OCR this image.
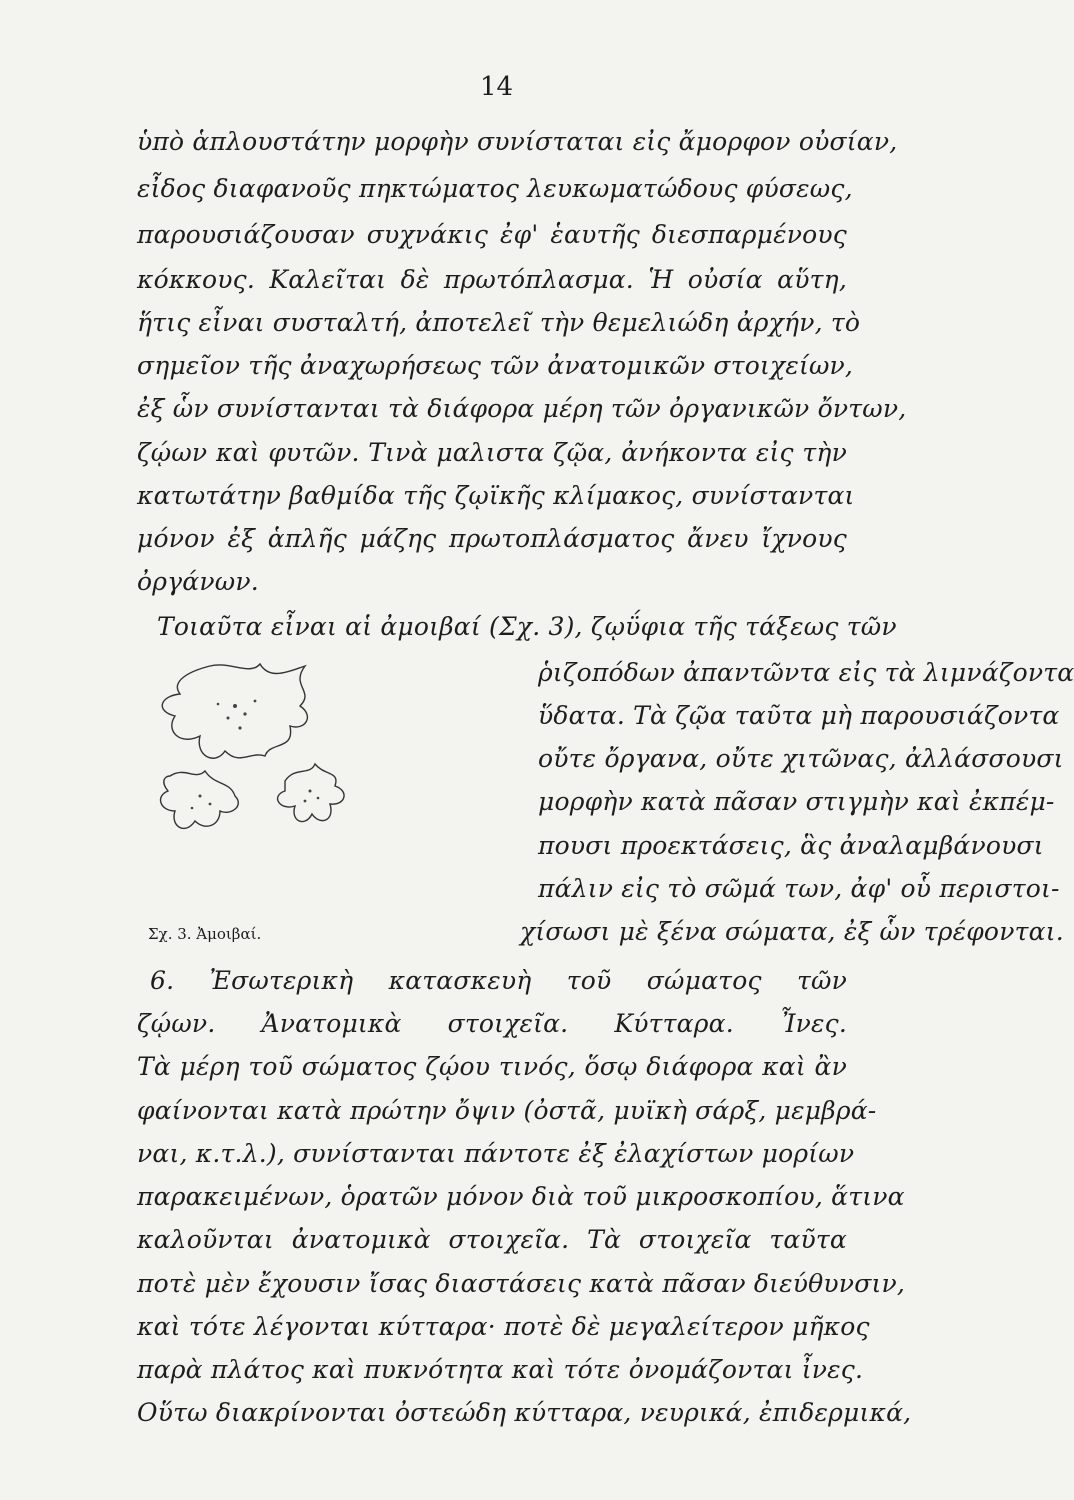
14
ὑπὸ ἁπλουστάτην μορφὴν συνίσταται εἰς ἄμορφον οὐσίαν,
εἶδος διαφανοῦς πηκτώματος λευκωματώδους φύσεως,
παρουσιάζουσαν συχνάκις ἐφ' ἑαυτῆς διεσπαρμένους
κόκκους. Καλεῖται δὲ πρωτόπλασμα. Ἡ οὐσία αὕτη,
ἥτις εἶναι συσταλτή, ἀποτελεῖ τὴν θεμελιώδη ἀρχήν, τὸ
σημεῖον τῆς ἀναχωρήσεως τῶν ἀνατομικῶν στοιχείων,
ἐξ ὧν συνίστανται τὰ διάφορα μέρη τῶν ὀργανικῶν ὄντων,
ζῴων καὶ φυτῶν. Τινὰ μαλιστα ζῷα, ἀνήκοντα εἰς τὴν
κατωτάτην βαθμίδα τῆς ζῳϊκῆς κλίμακος, συνίστανται
μόνον ἐξ ἁπλῆς μάζης πρωτοπλάσματος ἄνευ ἴχνους
ὀργάνων.
Τοιαῦτα εἶναι αἱ ἀμοιβαί (Σχ. 3), ζῳΰφια τῆς τάξεως τῶν
ῥιζοπόδων ἀπαντῶντα εἰς τὰ λιμνάζοντα
ὕδατα. Τὰ ζῷα ταῦτα μὴ παρουσιάζοντα
οὔτε ὄργανα, οὔτε χιτῶνας, ἀλλάσσουσι
μορφὴν κατὰ πᾶσαν στιγμὴν καὶ ἐκπέμ-
πουσι προεκτάσεις, ἃς ἀναλαμβάνουσι
πάλιν εἰς τὸ σῶμά των, ἀφ' οὗ περιστοι-
χίσωσι μὲ ξένα σώματα, ἐξ ὧν τρέφονται.
Σχ. 3. Ἀμοιβαί.
6. Ἐσωτερικὴ κατασκευὴ τοῦ σώματος τῶν
ζῴων. Ἀνατομικὰ στοιχεῖα. Κύτταρα. Ἶνες.
Τὰ μέρη τοῦ σώματος ζῴου τινός, ὅσῳ διάφορα καὶ ἂν
φαίνονται κατὰ πρώτην ὄψιν (ὀστᾶ, μυϊκὴ σάρξ, μεμβρά-
ναι, κ.τ.λ.), συνίστανται πάντοτε ἐξ ἐλαχίστων μορίων
παρακειμένων, ὁρατῶν μόνον διὰ τοῦ μικροσκοπίου, ἅτινα
καλοῦνται ἀνατομικὰ στοιχεῖα. Τὰ στοιχεῖα ταῦτα
ποτὲ μὲν ἔχουσιν ἴσας διαστάσεις κατὰ πᾶσαν διεύθυνσιν,
καὶ τότε λέγονται κύτταρα· ποτὲ δὲ μεγαλείτερον μῆκος
παρὰ πλάτος καὶ πυκνότητα καὶ τότε ὀνομάζονται ἶνες.
Οὕτω διακρίνονται ὀστεώδη κύτταρα, νευρικά, ἐπιδερμικά,
